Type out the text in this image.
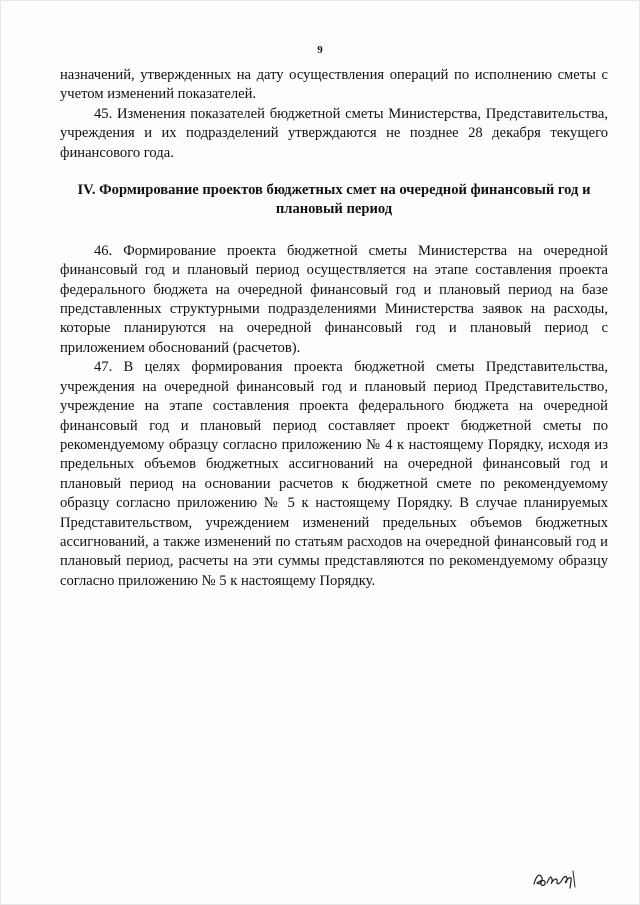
9

назначений, утвержденных на дату осуществления операций по исполнению сметы с учетом изменений показателей.

45. Изменения показателей бюджетной сметы Министерства, Представительства, учреждения и их подразделений утверждаются не позднее 28 декабря текущего финансового года.

IV. Формирование проектов бюджетных смет на очередной финансовый год и плановый период

46. Формирование проекта бюджетной сметы Министерства на очередной финансовый год и плановый период осуществляется на этапе составления проекта федерального бюджета на очередной финансовый год и плановый период на базе представленных структурными подразделениями Министерства заявок на расходы, которые планируются на очередной финансовый год и плановый период с приложением обоснований (расчетов).

47. В целях формирования проекта бюджетной сметы Представительства, учреждения на очередной финансовый год и плановый период Представительство, учреждение на этапе составления проекта федерального бюджета на очередной финансовый год и плановый период составляет проект бюджетной сметы по рекомендуемому образцу согласно приложению № 4 к настоящему Порядку, исходя из предельных объемов бюджетных ассигнований на очередной финансовый год и плановый период на основании расчетов к бюджетной смете по рекомендуемому образцу согласно приложению № 5 к настоящему Порядку. В случае планируемых Представительством, учреждением изменений предельных объемов бюджетных ассигнований, а также изменений по статьям расходов на очередной финансовый год и плановый период, расчеты на эти суммы представляются по рекомендуемому образцу согласно приложению № 5 к настоящему Порядку.
